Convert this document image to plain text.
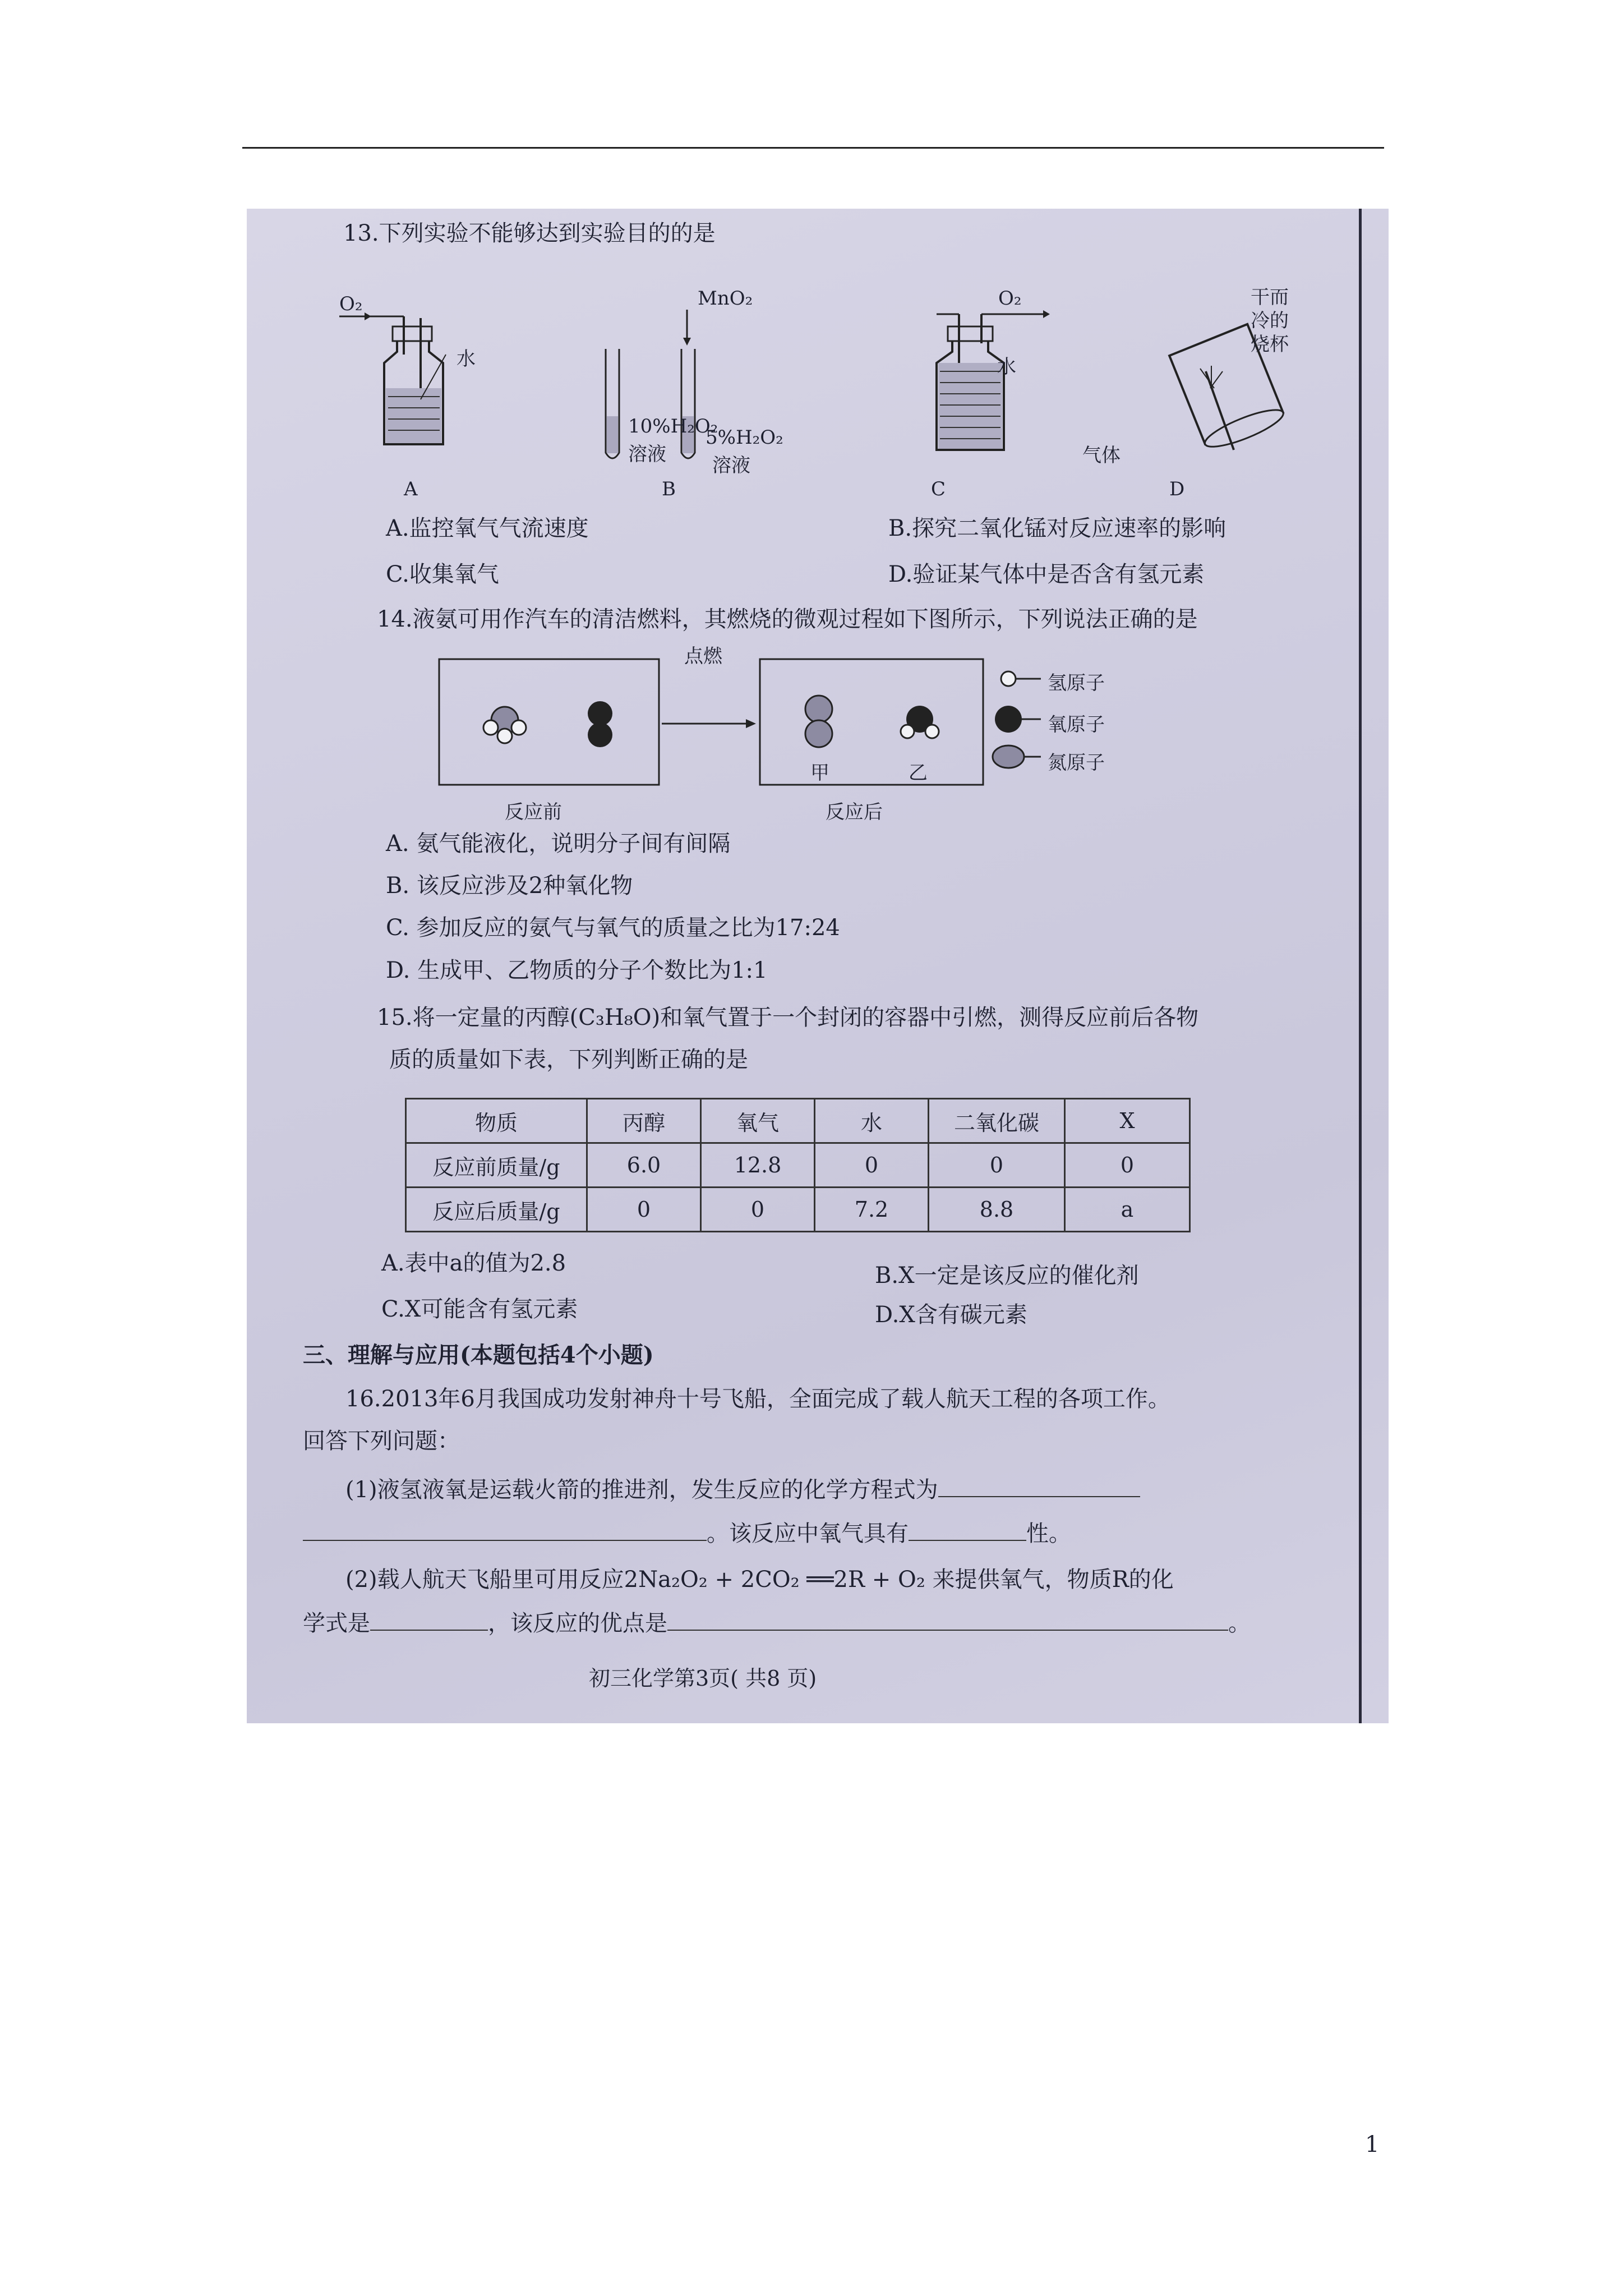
13.下列实验不能够达到实验目的的是
O₂
水
A
MnO₂
10%H₂O₂
溶液
5%H₂O₂
溶液
B
O₂
水
C
干而
冷的
烧杯
气体
D
A.监控氧气气流速度	B.探究二氧化锰对反应速率的影响
C.收集氧气	D.验证某气体中是否含有氢元素
14.液氨可用作汽车的清洁燃料，其燃烧的微观过程如下图所示，下列说法正确的是
点燃
甲	乙
反应前	反应后
氢原子
氧原子
氮原子
A. 氨气能液化，说明分子间有间隔
B. 该反应涉及2种氧化物
C. 参加反应的氨气与氧气的质量之比为17:24
D. 生成甲、乙物质的分子个数比为1:1
15.将一定量的丙醇(C₃H₈O)和氧气置于一个封闭的容器中引燃，测得反应前后各物
质的质量如下表，下列判断正确的是
物质	丙醇	氧气	水	二氧化碳	X
反应前质量/g	6.0	12.8	0	0	0
反应后质量/g	0	0	7.2	8.8	a
A.表中a的值为2.8	B.X一定是该反应的催化剂
C.X可能含有氢元素	D.X含有碳元素
三、理解与应用(本题包括4个小题)
16.2013年6月我国成功发射神舟十号飞船，全面完成了载人航天工程的各项工作。
回答下列问题：
(1)液氢液氧是运载火箭的推进剂，发生反应的化学方程式为
。该反应中氧气具有	性。
(2)载人航天飞船里可用反应2Na₂O₂ + 2CO₂ ══2R + O₂ 来提供氧气，物质R的化
学式是	，该反应的优点是	。
初三化学第3页( 共8 页)
1
